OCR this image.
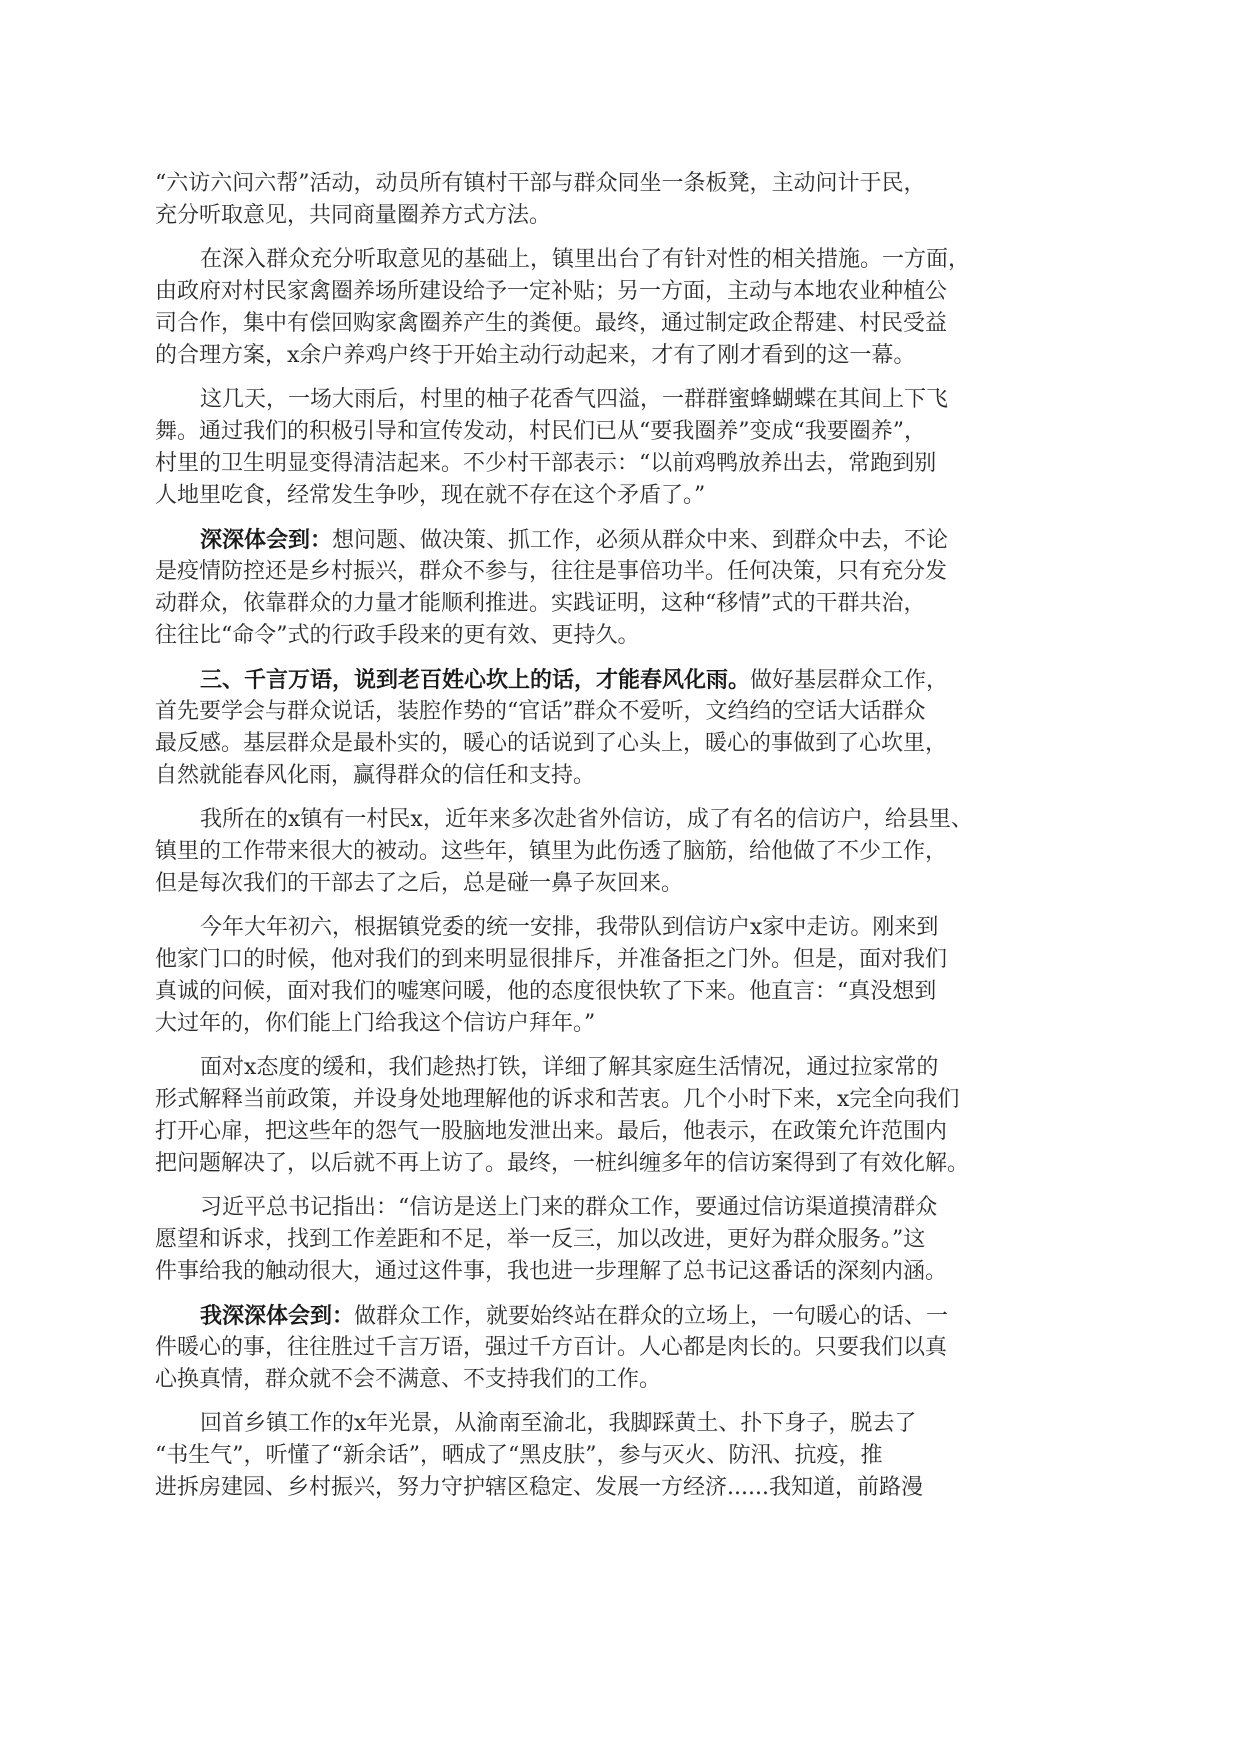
“六访六问六帮”活动，动员所有镇村干部与群众同坐一条板凳，主动问计于民，
充分听取意见，共同商量圈养方式方法。
在深入群众充分听取意见的基础上，镇里出台了有针对性的相关措施。一方面，
由政府对村民家禽圈养场所建设给予一定补贴；另一方面，主动与本地农业种植公
司合作，集中有偿回购家禽圈养产生的粪便。最终，通过制定政企帮建、村民受益
的合理方案，x余户养鸡户终于开始主动行动起来，才有了刚才看到的这一幕。
这几天，一场大雨后，村里的柚子花香气四溢，一群群蜜蜂蝴蝶在其间上下飞
舞。通过我们的积极引导和宣传发动，村民们已从“要我圈养”变成“我要圈养”，
村里的卫生明显变得清洁起来。不少村干部表示：“以前鸡鸭放养出去，常跑到别
人地里吃食，经常发生争吵，现在就不存在这个矛盾了。”
深深体会到：想问题、做决策、抓工作，必须从群众中来、到群众中去，不论
是疫情防控还是乡村振兴，群众不参与，往往是事倍功半。任何决策，只有充分发
动群众，依靠群众的力量才能顺利推进。实践证明，这种“移情”式的干群共治，
往往比“命令”式的行政手段来的更有效、更持久。
三、千言万语，说到老百姓心坎上的话，才能春风化雨。做好基层群众工作，
首先要学会与群众说话，装腔作势的“官话”群众不爱听，文绉绉的空话大话群众
最反感。基层群众是最朴实的，暖心的话说到了心头上，暖心的事做到了心坎里，
自然就能春风化雨，赢得群众的信任和支持。
我所在的x镇有一村民x，近年来多次赴省外信访，成了有名的信访户，给县里、
镇里的工作带来很大的被动。这些年，镇里为此伤透了脑筋，给他做了不少工作，
但是每次我们的干部去了之后，总是碰一鼻子灰回来。
今年大年初六，根据镇党委的统一安排，我带队到信访户x家中走访。刚来到
他家门口的时候，他对我们的到来明显很排斥，并准备拒之门外。但是，面对我们
真诚的问候，面对我们的嘘寒问暖，他的态度很快软了下来。他直言：“真没想到
大过年的，你们能上门给我这个信访户拜年。”
面对x态度的缓和，我们趁热打铁，详细了解其家庭生活情况，通过拉家常的
形式解释当前政策，并设身处地理解他的诉求和苦衷。几个小时下来，x完全向我们
打开心扉，把这些年的怨气一股脑地发泄出来。最后，他表示，在政策允许范围内
把问题解决了，以后就不再上访了。最终，一桩纠缠多年的信访案得到了有效化解。
习近平总书记指出：“信访是送上门来的群众工作，要通过信访渠道摸清群众
愿望和诉求，找到工作差距和不足，举一反三，加以改进，更好为群众服务。”这
件事给我的触动很大，通过这件事，我也进一步理解了总书记这番话的深刻内涵。
我深深体会到：做群众工作，就要始终站在群众的立场上，一句暖心的话、一
件暖心的事，往往胜过千言万语，强过千方百计。人心都是肉长的。只要我们以真
心换真情，群众就不会不满意、不支持我们的工作。
回首乡镇工作的x年光景，从渝南至渝北，我脚踩黄土、扑下身子，脱去了
“书生气”，听懂了“新余话”，晒成了“黑皮肤”，参与灭火、防汛、抗疫，推
进拆房建园、乡村振兴，努力守护辖区稳定、发展一方经济......我知道，前路漫
